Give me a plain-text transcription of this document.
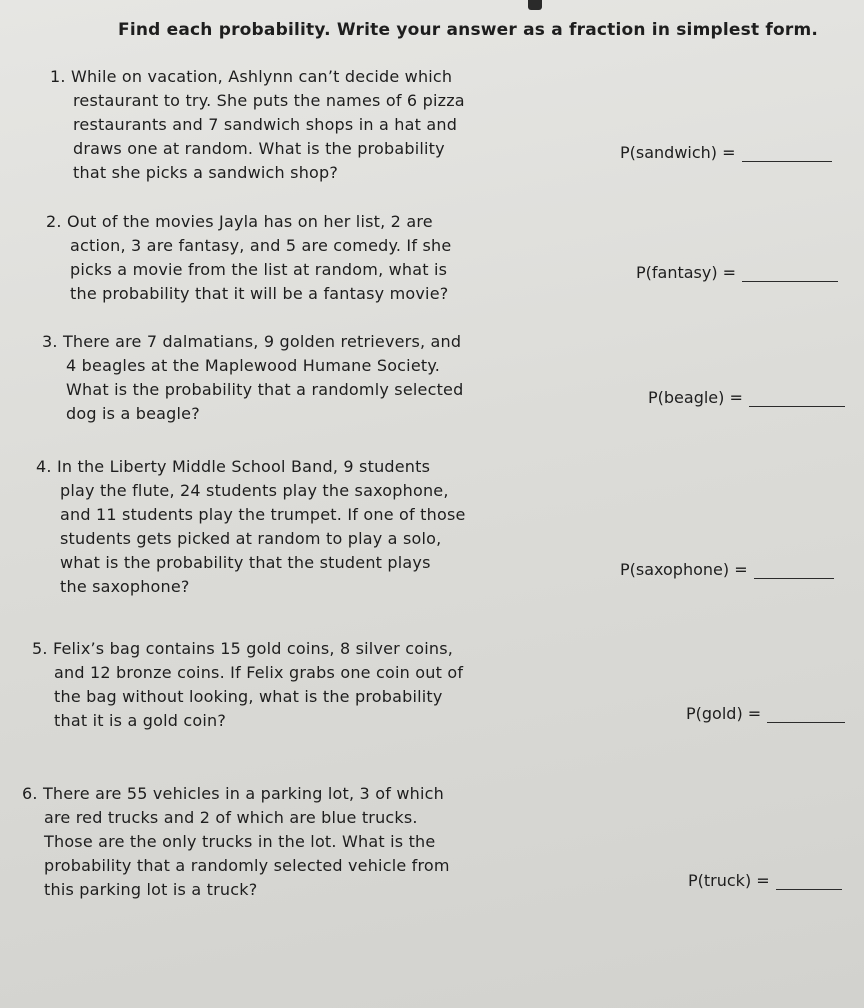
Find each probability. Write your answer as a fraction in simplest form.
1. While on vacation, Ashlynn can’t decide which
restaurant to try. She puts the names of 6 pizza
restaurants and 7 sandwich shops in a hat and
draws one at random. What is the probability
that she picks a sandwich shop?
P(sandwich) =
2. Out of the movies Jayla has on her list, 2 are
action, 3 are fantasy, and 5 are comedy. If she
picks a movie from the list at random, what is
the probability that it will be a fantasy movie?
P(fantasy) =
3. There are 7 dalmatians, 9 golden retrievers, and
4 beagles at the Maplewood Humane Society.
What is the probability that a randomly selected
dog is a beagle?
P(beagle) =
4. In the Liberty Middle School Band, 9 students
play the flute, 24 students play the saxophone,
and 11 students play the trumpet. If one of those
students gets picked at random to play a solo,
what is the probability that the student plays
the saxophone?
P(saxophone) =
5. Felix’s bag contains 15 gold coins, 8 silver coins,
and 12 bronze coins. If Felix grabs one coin out of
the bag without looking, what is the probability
that it is a gold coin?	P(gold) =
6. There are 55 vehicles in a parking lot, 3 of which
are red trucks and 2 of which are blue trucks.
Those are the only trucks in the lot. What is the
probability that a randomly selected vehicle from
this parking lot is a truck?	P(truck) =
